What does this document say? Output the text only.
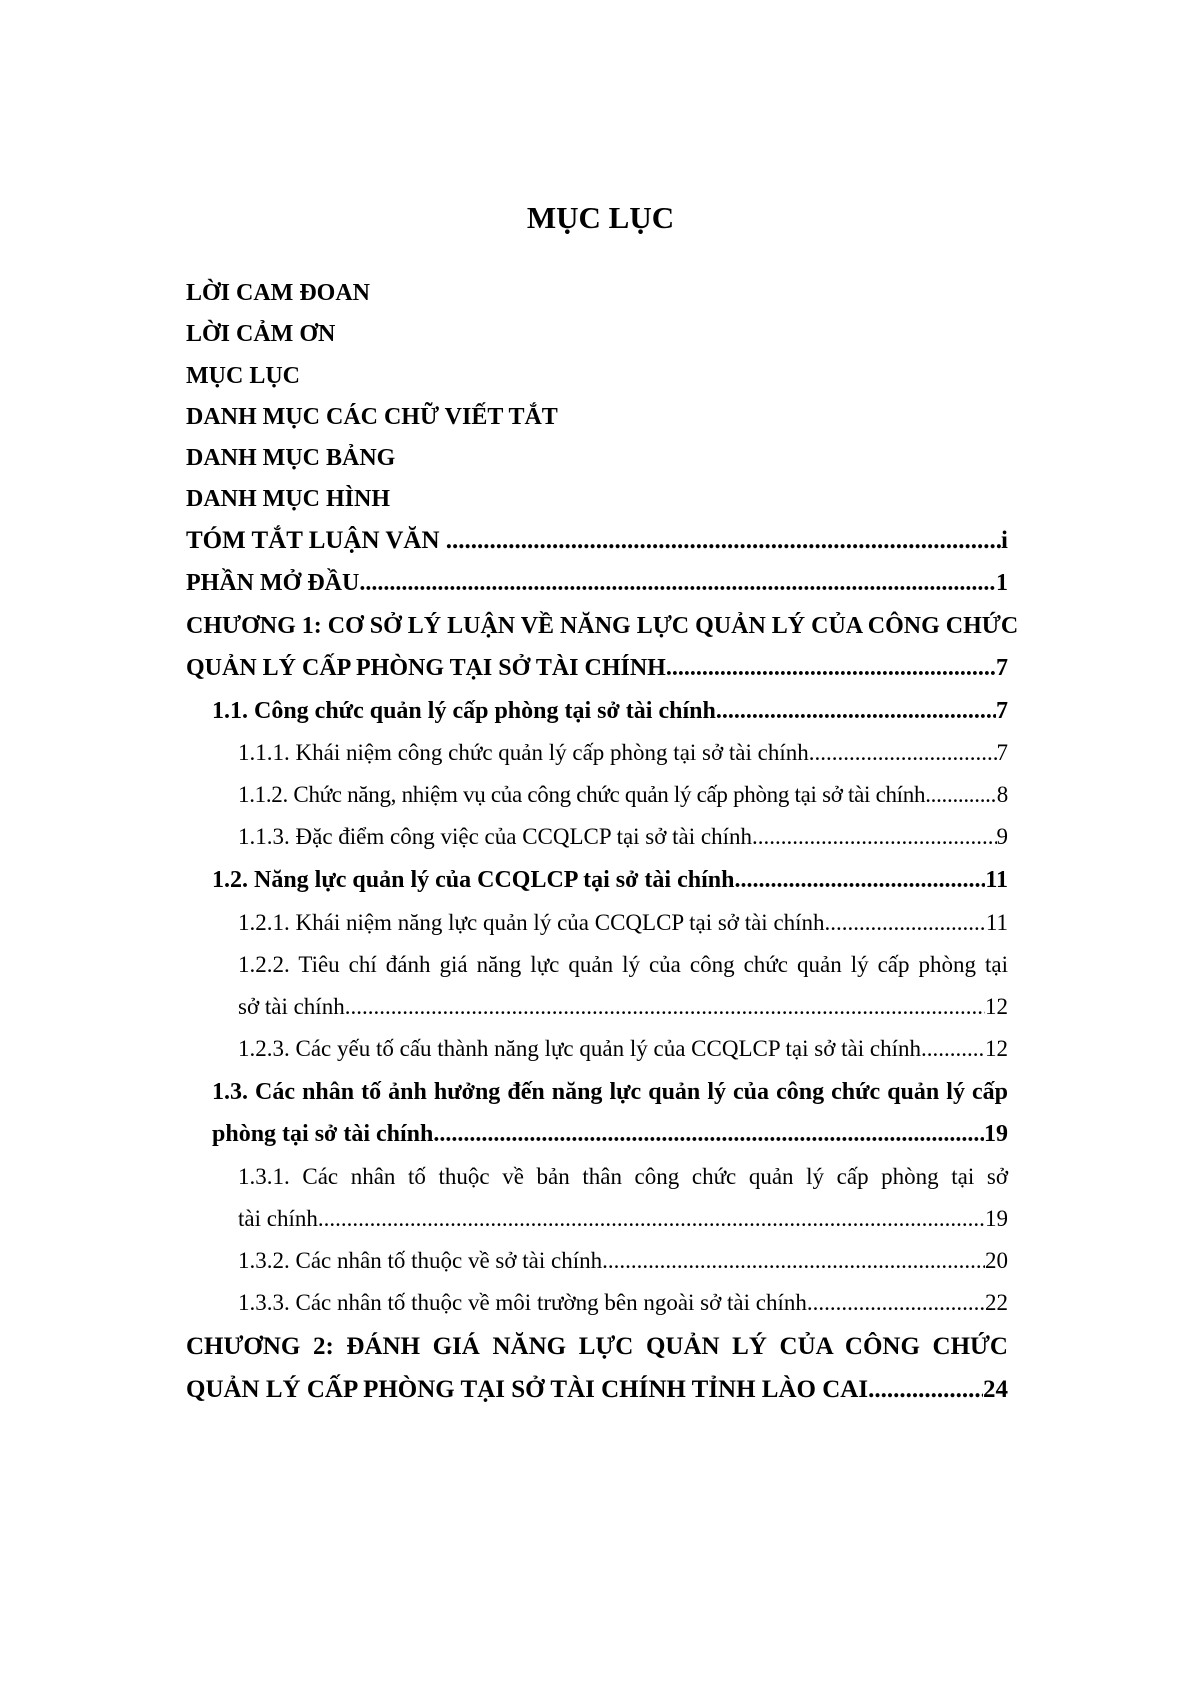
MỤC LỤC
LỜI CAM ĐOAN
LỜI CẢM ƠN
MỤC LỤC
DANH MỤC CÁC CHỮ VIẾT TẮT
DANH MỤC BẢNG
DANH MỤC HÌNH
TÓM TẮT LUẬN VĂN .....	i
PHẦN MỞ ĐẦU .....	1
CHƯƠNG 1: CƠ SỞ LÝ LUẬN VỀ NĂNG LỰC QUẢN LÝ CỦA CÔNG CHỨC
QUẢN LÝ CẤP PHÒNG TẠI SỞ TÀI CHÍNH .....	7
1.1. Công chức quản lý cấp phòng tại sở tài chính .....	7
1.1.1. Khái niệm công chức quản lý cấp phòng tại sở tài chính .....	7
1.1.2. Chức năng, nhiệm vụ của công chức quản lý cấp phòng tại sở tài chính .....	8
1.1.3. Đặc điểm công việc của CCQLCP tại sở tài chính .....	9
1.2. Năng lực quản lý của CCQLCP tại sở tài chính .....	11
1.2.1. Khái niệm năng lực quản lý của CCQLCP tại sở tài chính .....	11
1.2.2. Tiêu chí đánh giá năng lực quản lý của công chức quản lý cấp phòng tại
sở tài chính .....	12
1.2.3. Các yếu tố cấu thành năng lực quản lý của CCQLCP tại sở tài chính .....	12
1.3. Các nhân tố ảnh hưởng đến năng lực quản lý của công chức quản lý cấp
phòng tại sở tài chính .....	19
1.3.1. Các nhân tố thuộc về bản thân công chức quản lý cấp phòng tại sở
tài chính .....	19
1.3.2. Các nhân tố thuộc về sở tài chính .....	20
1.3.3. Các nhân tố thuộc về môi trường bên ngoài sở tài chính .....	22
CHƯƠNG 2: ĐÁNH GIÁ NĂNG LỰC QUẢN LÝ CỦA CÔNG CHỨC
QUẢN LÝ CẤP PHÒNG TẠI SỞ TÀI CHÍNH TỈNH LÀO CAI .....	24
